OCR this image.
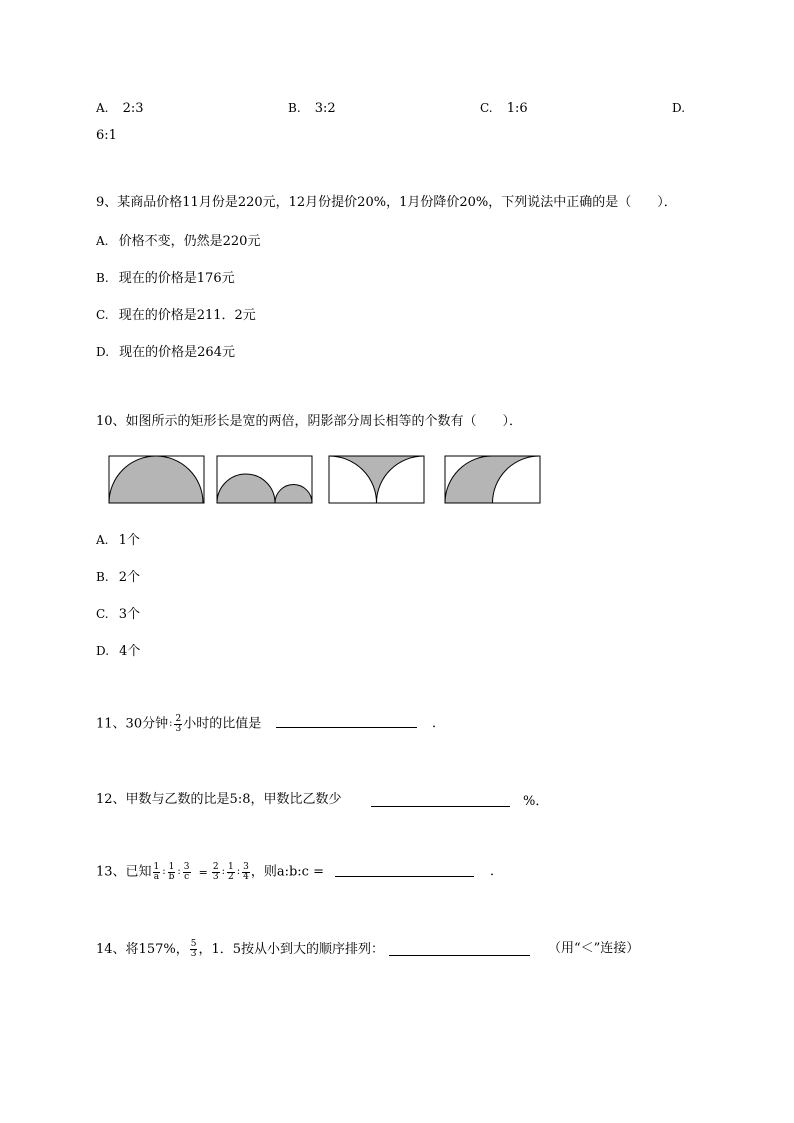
A. 2:3	B. 3:2	C. 1:6	D.
6:1
9、某商品价格11月份是220元，12月份提价20%，1月份降价20%，下列说法中正确的是（　　）．
A. 价格不变，仍然是220元
B. 现在的价格是176元
C. 现在的价格是211．2元
D. 现在的价格是264元
10、如图所示的矩形长是宽的两倍，阴影部分周长相等的个数有（　　）．
A. 1个
B. 2个
C. 3个
D. 4个
11、30分钟: $\frac{2}{3}$ 小时的比值是	．
12、甲数与乙数的比是5:8，甲数比乙数少	%．
13、已知 $\frac{1}{a}$ : $\frac{1}{b}$ : $\frac{3}{c} = \frac{2}{3}$ : $\frac{1}{2}$ : $\frac{3}{4}$ ，则a:b:c =	．
14、将157%， $\frac{5}{3}$ ，1．5按从小到大的顺序排列：	（用“＜”连接）
